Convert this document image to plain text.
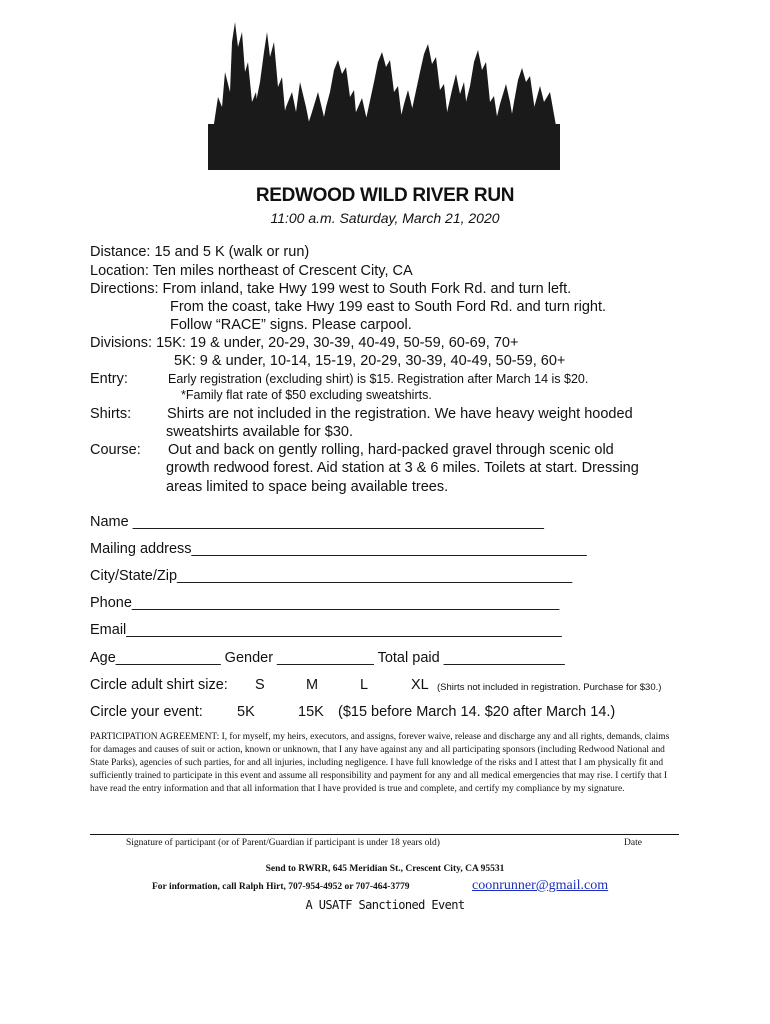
REDWOOD WILD RIVER RUN
11:00 a.m. Saturday, March 21, 2020
Distance: 15 and 5 K (walk or run)
Location: Ten miles northeast of Crescent City, CA
Directions: From inland, take Hwy 199 west to South Fork Rd. and turn left.
From the coast, take Hwy 199 east to South Ford Rd. and turn right.
Follow “RACE” signs. Please carpool.
Divisions: 15K: 19 & under, 20-29, 30-39, 40-49, 50-59, 60-69, 70+
5K: 9 & under, 10-14, 15-19, 20-29, 30-39, 40-49, 50-59, 60+
Entry:	Early registration (excluding shirt) is $15. Registration after March 14 is $20.
*Family flat rate of $50 excluding sweatshirts.
Shirts: Shirts are not included in the registration. We have heavy weight hooded
sweatshirts available for $30.
Course: Out and back on gently rolling, hard-packed gravel through scenic old
growth redwood forest. Aid station at 3 & 6 miles. Toilets at start. Dressing
areas limited to space being available trees.
Name ___________________________________________________
Mailing address_________________________________________________
City/State/Zip_________________________________________________
Phone_____________________________________________________
Email______________________________________________________
Age_____________ Gender ____________ Total paid _______________
Circle adult shirt size: S	M	L	XL (Shirts not included in registration. Purchase for $30.)
Circle your event: 5K	15K ($15 before March 14. $20 after March 14.)
PARTICIPATION AGREEMENT: I, for myself, my heirs, executors, and assigns, forever waive, release and discharge any and all rights, demands, claims for damages and causes of suit or action, known or unknown, that I any have against any and all participating sponsors (including Redwood National and State Parks), agencies of such parties, for and all injuries, including negligence. I have full knowledge of the risks and I attest that I am physically fit and sufficiently trained to participate in this event and assume all responsibility and payment for any and all medical emergencies that may rise. I certify that I have read the entry information and that all information that I have provided is true and complete, and certify my compliance by my signature.
Signature of participant (or of Parent/Guardian if participant is under 18 years old)	Date
Send to RWRR, 645 Meridian St., Crescent City, CA 95531
For information, call Ralph Hirt, 707-954-4952 or 707-464-3779	coonrunner@gmail.com
A USATF Sanctioned Event
